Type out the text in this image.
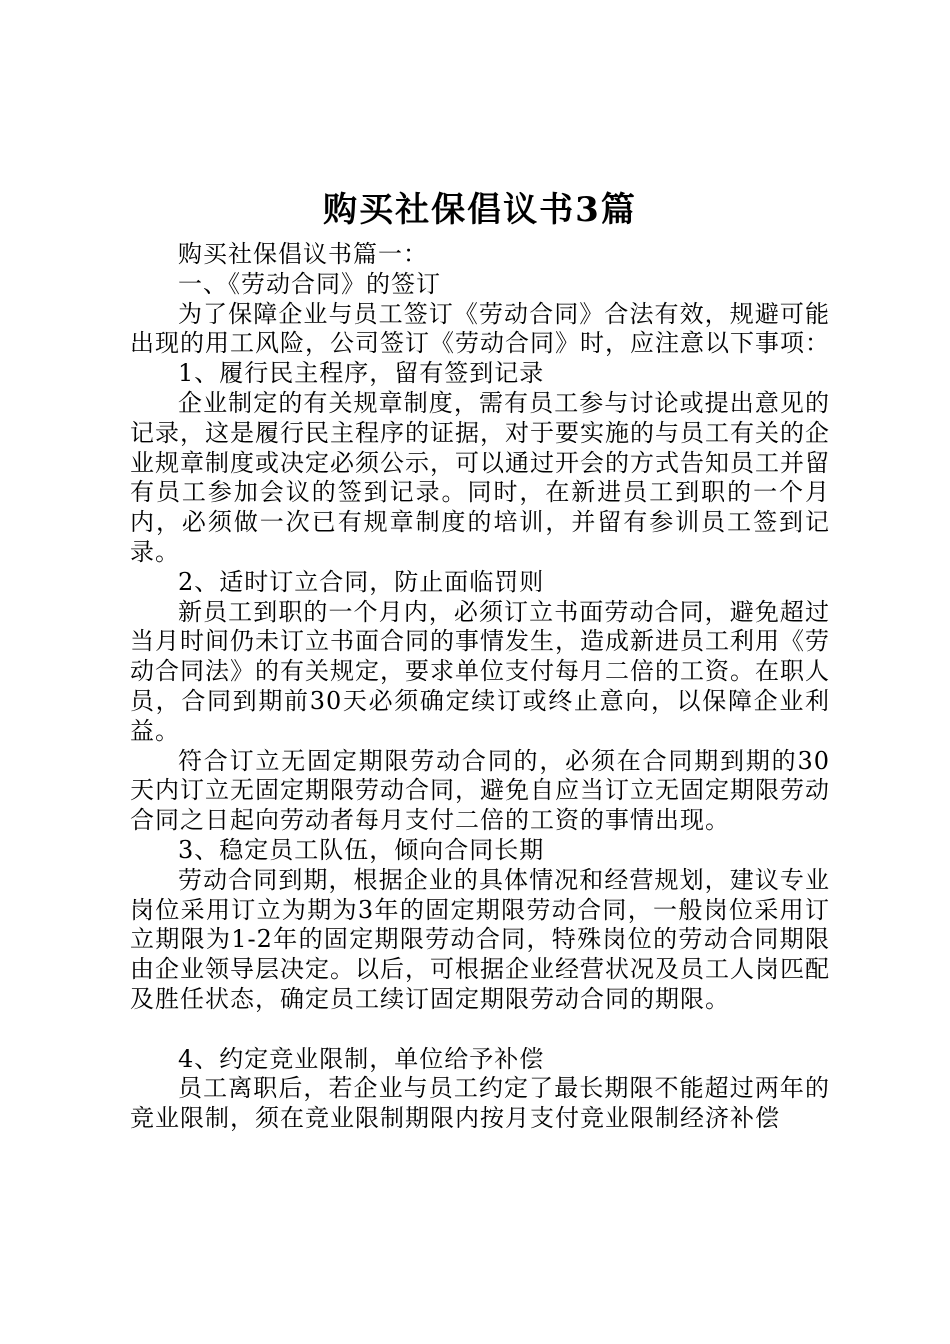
购买社保倡议书3篇

购买社保倡议书篇一：

一、《劳动合同》的签订

为了保障企业与员工签订《劳动合同》合法有效，规避可能出现的用工风险，公司签订《劳动合同》时，应注意以下事项：

1、履行民主程序，留有签到记录

企业制定的有关规章制度，需有员工参与讨论或提出意见的记录，这是履行民主程序的证据，对于要实施的与员工有关的企业规章制度或决定必须公示，可以通过开会的方式告知员工并留有员工参加会议的签到记录。同时，在新进员工到职的一个月内，必须做一次已有规章制度的培训，并留有参训员工签到记录。

2、适时订立合同，防止面临罚则

新员工到职的一个月内，必须订立书面劳动合同，避免超过当月时间仍未订立书面合同的事情发生，造成新进员工利用《劳动合同法》的有关规定，要求单位支付每月二倍的工资。在职人员，合同到期前30天必须确定续订或终止意向，以保障企业利益。

符合订立无固定期限劳动合同的，必须在合同期到期的30天内订立无固定期限劳动合同，避免自应当订立无固定期限劳动合同之日起向劳动者每月支付二倍的工资的事情出现。

3、稳定员工队伍，倾向合同长期

劳动合同到期，根据企业的具体情况和经营规划，建议专业岗位采用订立为期为3年的固定期限劳动合同，一般岗位采用订立期限为1-2年的固定期限劳动合同，特殊岗位的劳动合同期限由企业领导层决定。以后，可根据企业经营状况及员工人岗匹配及胜任状态，确定员工续订固定期限劳动合同的期限。

4、约定竞业限制，单位给予补偿

员工离职后，若企业与员工约定了最长期限不能超过两年的竞业限制，须在竞业限制期限内按月支付竞业限制经济补偿
